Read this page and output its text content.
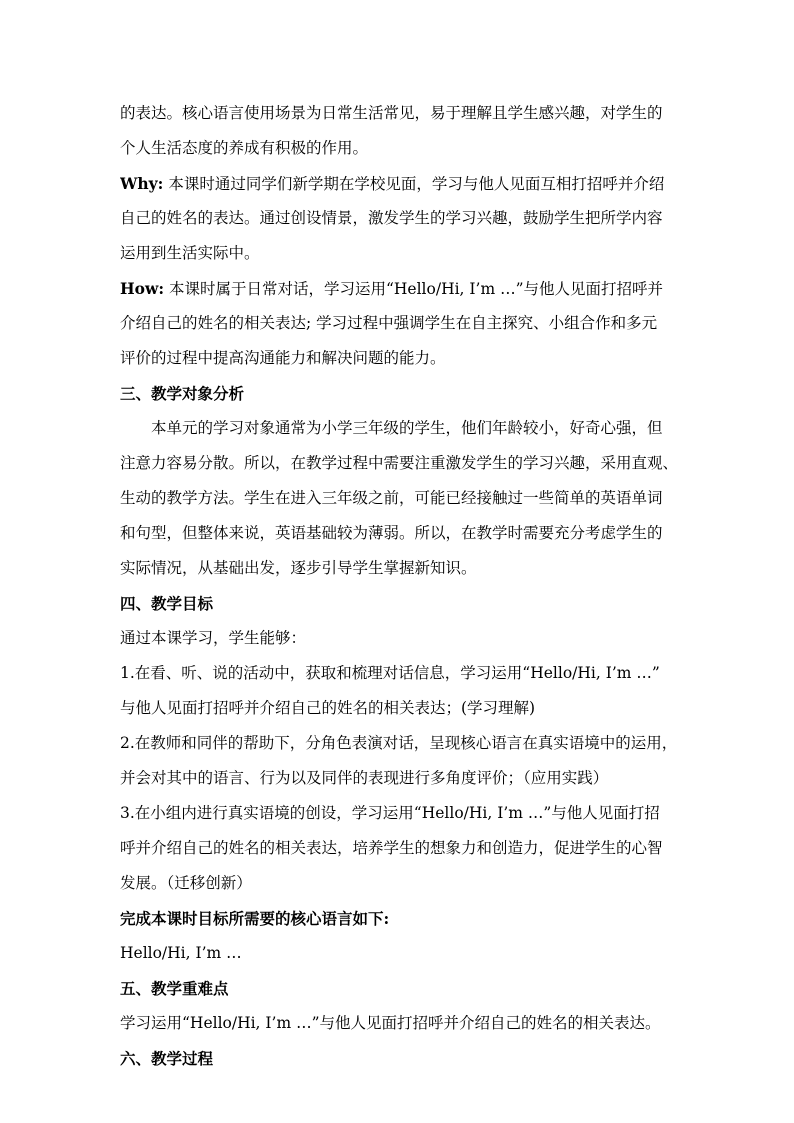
的表达。核心语言使用场景为日常生活常见，易于理解且学生感兴趣，对学生的
个人生活态度的养成有积极的作用。
Why: 本课时通过同学们新学期在学校见面，学习与他人见面互相打招呼并介绍
自己的姓名的表达。通过创设情景，激发学生的学习兴趣，鼓励学生把所学内容
运用到生活实际中。
How: 本课时属于日常对话，学习运用“Hello/Hi, I’m …”与他人见面打招呼并
介绍自己的姓名的相关表达; 学习过程中强调学生在自主探究、小组合作和多元
评价的过程中提高沟通能力和解决问题的能力。
三、教学对象分析
本单元的学习对象通常为小学三年级的学生，他们年龄较小，好奇心强，但
注意力容易分散。所以，在教学过程中需要注重激发学生的学习兴趣，采用直观、
生动的教学方法。学生在进入三年级之前，可能已经接触过一些简单的英语单词
和句型，但整体来说，英语基础较为薄弱。所以，在教学时需要充分考虑学生的
实际情况，从基础出发，逐步引导学生掌握新知识。
四、教学目标
通过本课学习，学生能够：
1.在看、听、说的活动中，获取和梳理对话信息，学习运用“Hello/Hi, I’m …”
与他人见面打招呼并介绍自己的姓名的相关表达；(学习理解)
2.在教师和同伴的帮助下，分角色表演对话，呈现核心语言在真实语境中的运用，
并会对其中的语言、行为以及同伴的表现进行多角度评价；（应用实践）
3.在小组内进行真实语境的创设，学习运用“Hello/Hi, I’m …”与他人见面打招
呼并介绍自己的姓名的相关表达，培养学生的想象力和创造力，促进学生的心智
发展。（迁移创新）
完成本课时目标所需要的核心语言如下:
Hello/Hi, I’m …
五、教学重难点
学习运用“Hello/Hi, I’m …”与他人见面打招呼并介绍自己的姓名的相关表达。
六、教学过程
